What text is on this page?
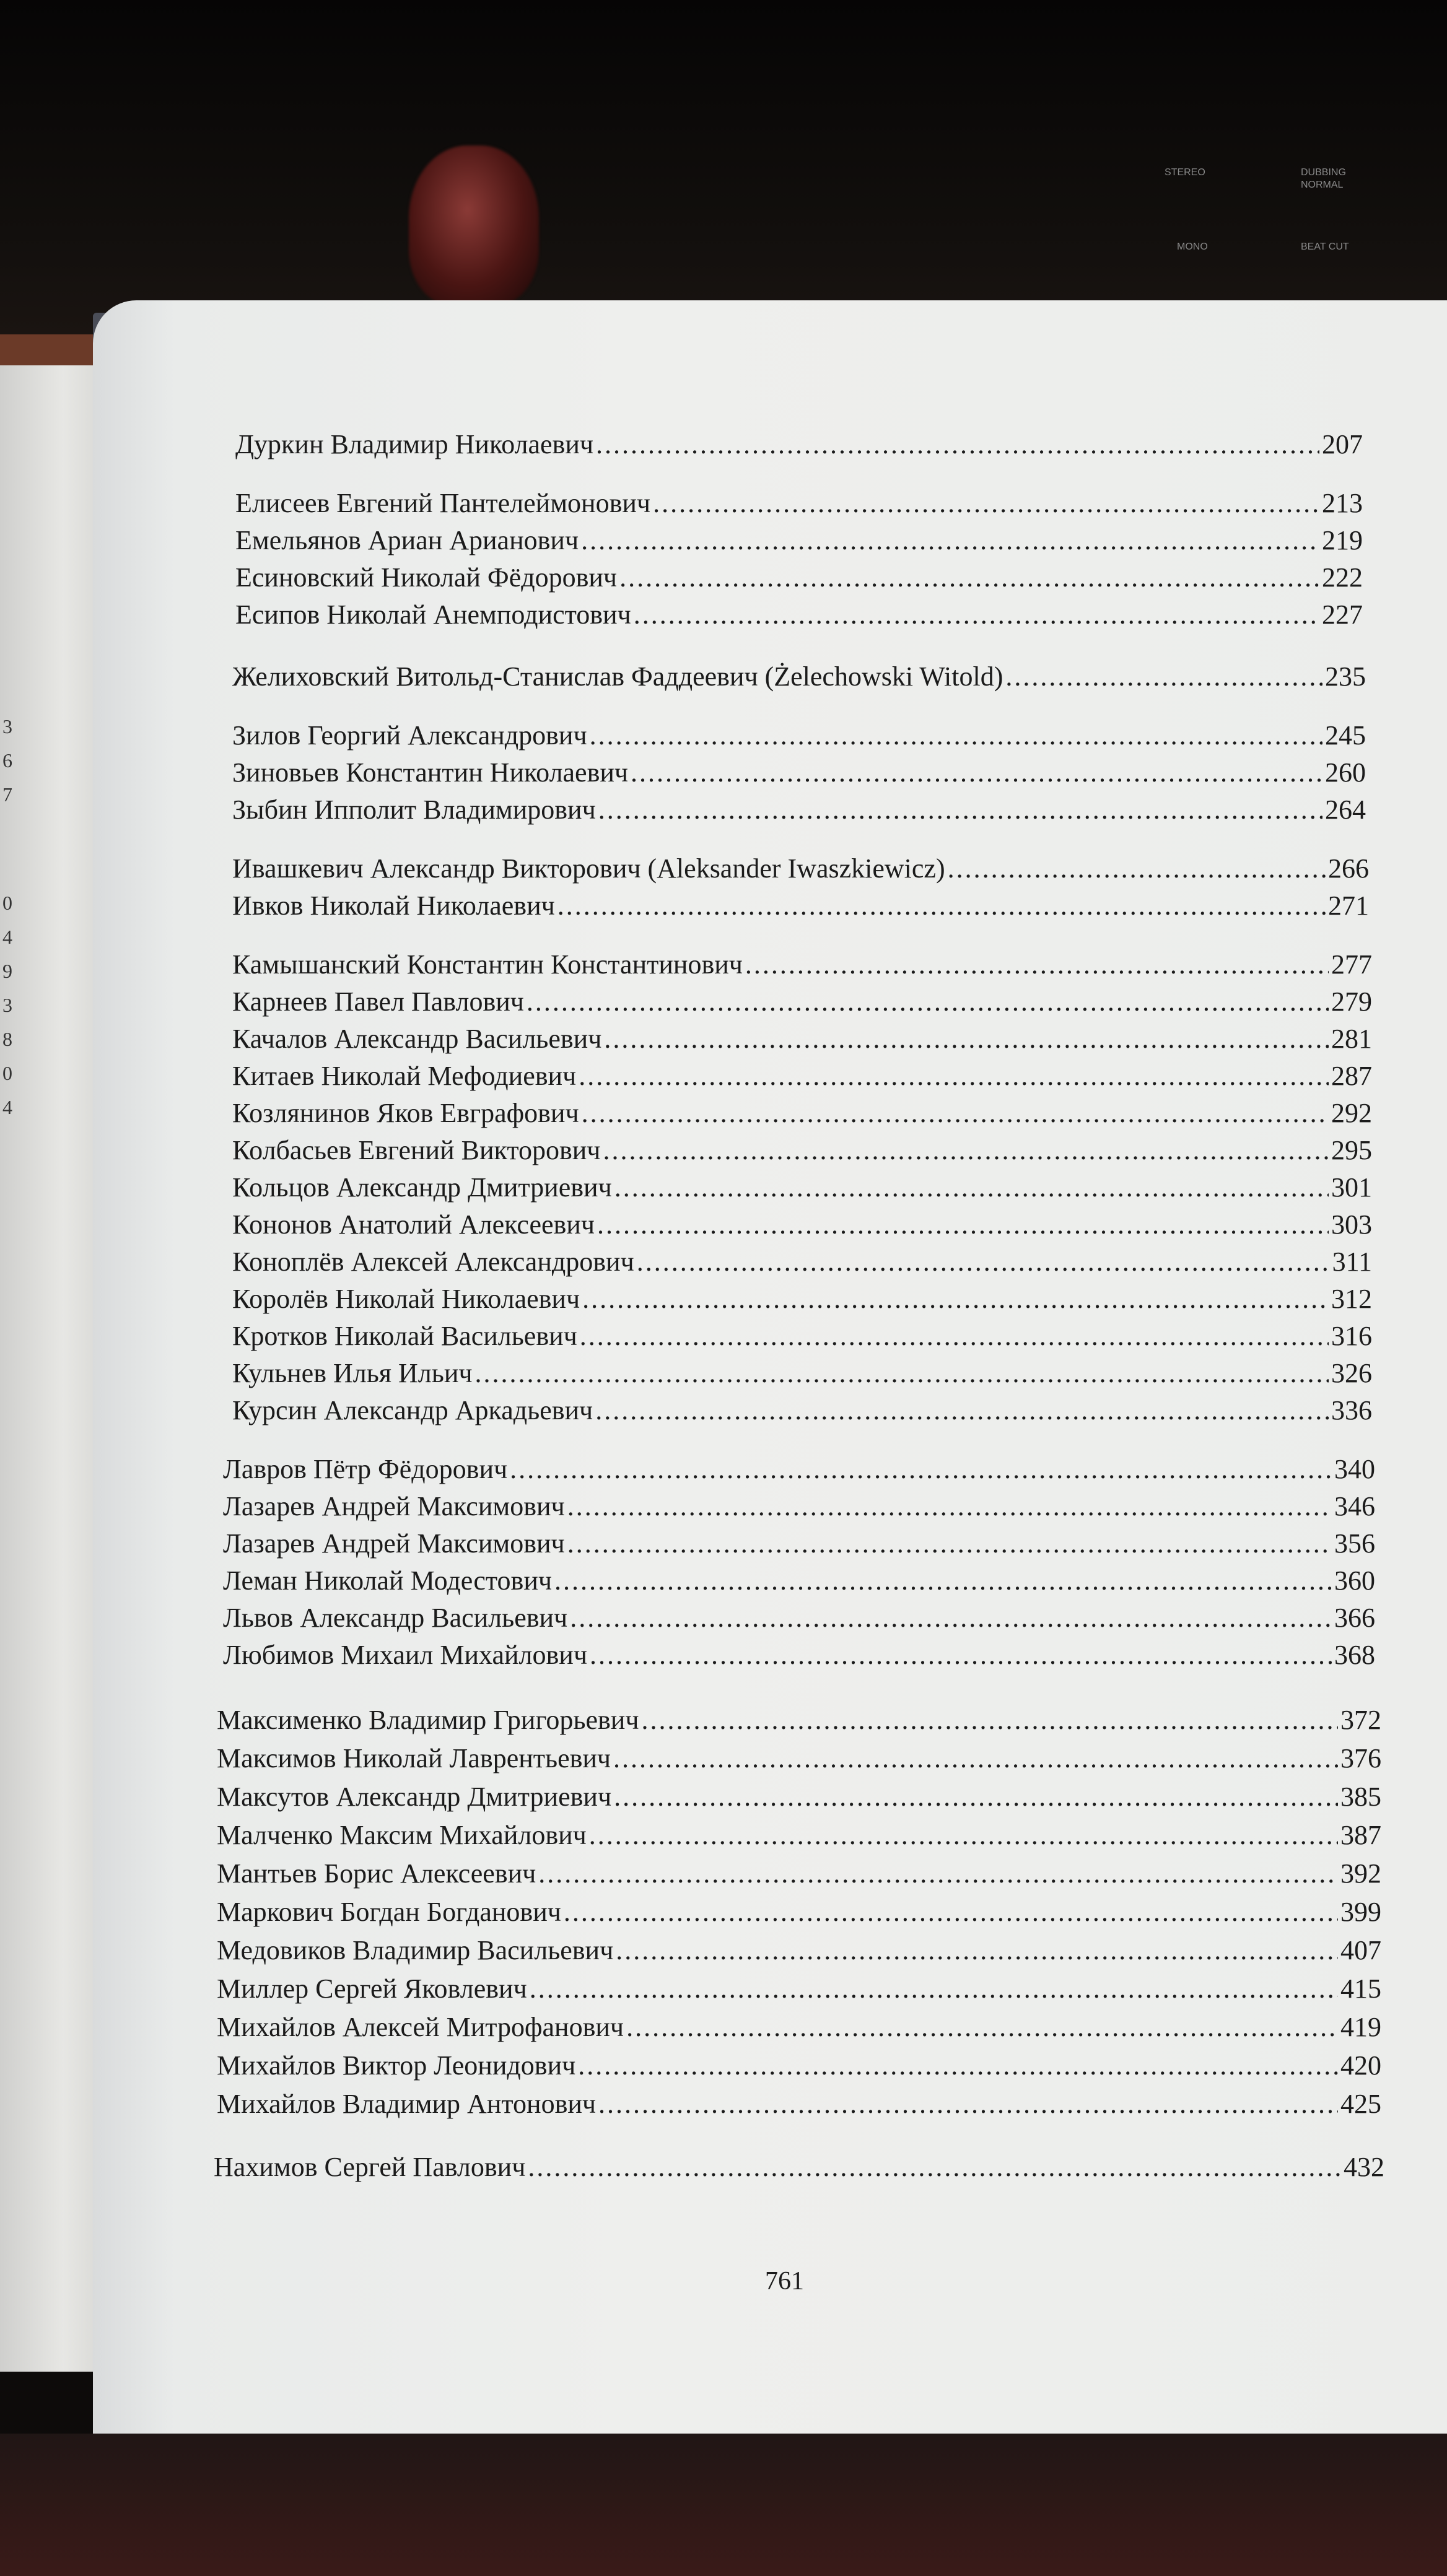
STEREO
MONO
DUBBING
NORMAL
BEAT CUT
3
6
7
0
4
9
3
8
0
4
Дуркин Владимир Николаевич .....	207
Елисеев Евгений Пантелеймонович .....	213
Емельянов Ариан Арианович .....	219
Есиновский Николай Фёдорович .....	222
Есипов Николай Анемподистович .....	227
Желиховский Витольд-Станислав Фаддеевич (Żelechowski Witold) .....	235
Зилов Георгий Александрович .....	245
Зиновьев Константин Николаевич .....	260
Зыбин Ипполит Владимирович .....	264
Ивашкевич Александр Викторович (Aleksander Iwaszkiewicz) .....	266
Ивков Николай Николаевич .....	271
Камышанский Константин Константинович .....	277
Карнеев Павел Павлович .....	279
Качалов Александр Васильевич .....	281
Китаев Николай Мефодиевич .....	287
Козлянинов Яков Евграфович .....	292
Колбасьев Евгений Викторович .....	295
Кольцов Александр Дмитриевич .....	301
Кононов Анатолий Алексеевич .....	303
Коноплёв Алексей Александрович .....	311
Королёв Николай Николаевич .....	312
Кротков Николай Васильевич .....	316
Кульнев Илья Ильич .....	326
Курсин Александр Аркадьевич .....	336
Лавров Пётр Фёдорович .....	340
Лазарев Андрей Максимович .....	346
Лазарев Андрей Максимович .....	356
Леман Николай Модестович .....	360
Львов Александр Васильевич .....	366
Любимов Михаил Михайлович .....	368
Максименко Владимир Григорьевич .....	372
Максимов Николай Лаврентьевич .....	376
Максутов Александр Дмитриевич .....	385
Малченко Максим Михайлович .....	387
Мантьев Борис Алексеевич .....	392
Маркович Богдан Богданович .....	399
Медовиков Владимир Васильевич .....	407
Миллер Сергей Яковлевич .....	415
Михайлов Алексей Митрофанович .....	419
Михайлов Виктор Леонидович .....	420
Михайлов Владимир Антонович .....	425
Нахимов Сергей Павлович .....	432
761
